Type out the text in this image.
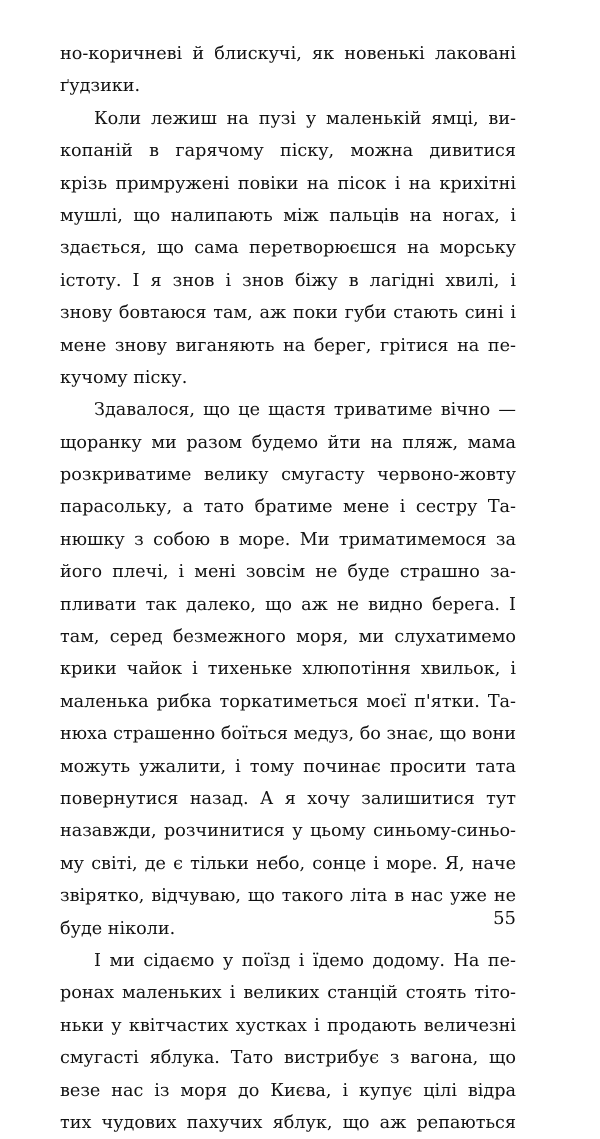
но-коричневі й блискучі, як новенькі лаковані
ґудзики.
Коли лежиш на пузі у маленькій ямці, ви-
копаній в гарячому піску, можна дивитися
крізь примружені повіки на пісок і на крихітні
мушлі, що налипають між пальців на ногах, і
здається, що сама перетворюєшся на морську
істоту. І я знов і знов біжу в лагідні хвилі, і
знову бовтаюся там, аж поки губи стають сині і
мене знову виганяють на берег, грітися на пе-
кучому піску.
Здавалося, що це щастя триватиме вічно —
щоранку ми разом будемо йти на пляж, мама
розкриватиме велику смугасту червоно-жовту
парасольку, а тато братиме мене і сестру Та-
нюшку з собою в море. Ми триматимемося за
його плечі, і мені зовсім не буде страшно за-
пливати так далеко, що аж не видно берега. І
там, серед безмежного моря, ми слухатимемо
крики чайок і тихеньке хлюпотіння хвильок, і
маленька рибка торкатиметься моєї п'ятки. Та-
нюха страшенно боїться медуз, бо знає, що вони
можуть ужалити, і тому починає просити тата
повернутися назад. А я хочу залишитися тут
назавжди, розчинитися у цьому синьому-синьо-
му світі, де є тільки небо, сонце і море. Я, наче
звірятко, відчуваю, що такого літа в нас уже не
буде ніколи.
І ми сідаємо у поїзд і їдемо додому. На пе-
ронах маленьких і великих станцій стоять тіто-
ньки у квітчастих хустках і продають величезні
смугасті яблука. Тато вистрибує з вагона, що
везе нас із моря до Києва, і купує цілі відра
тих чудових пахучих яблук, що аж репаються
55
